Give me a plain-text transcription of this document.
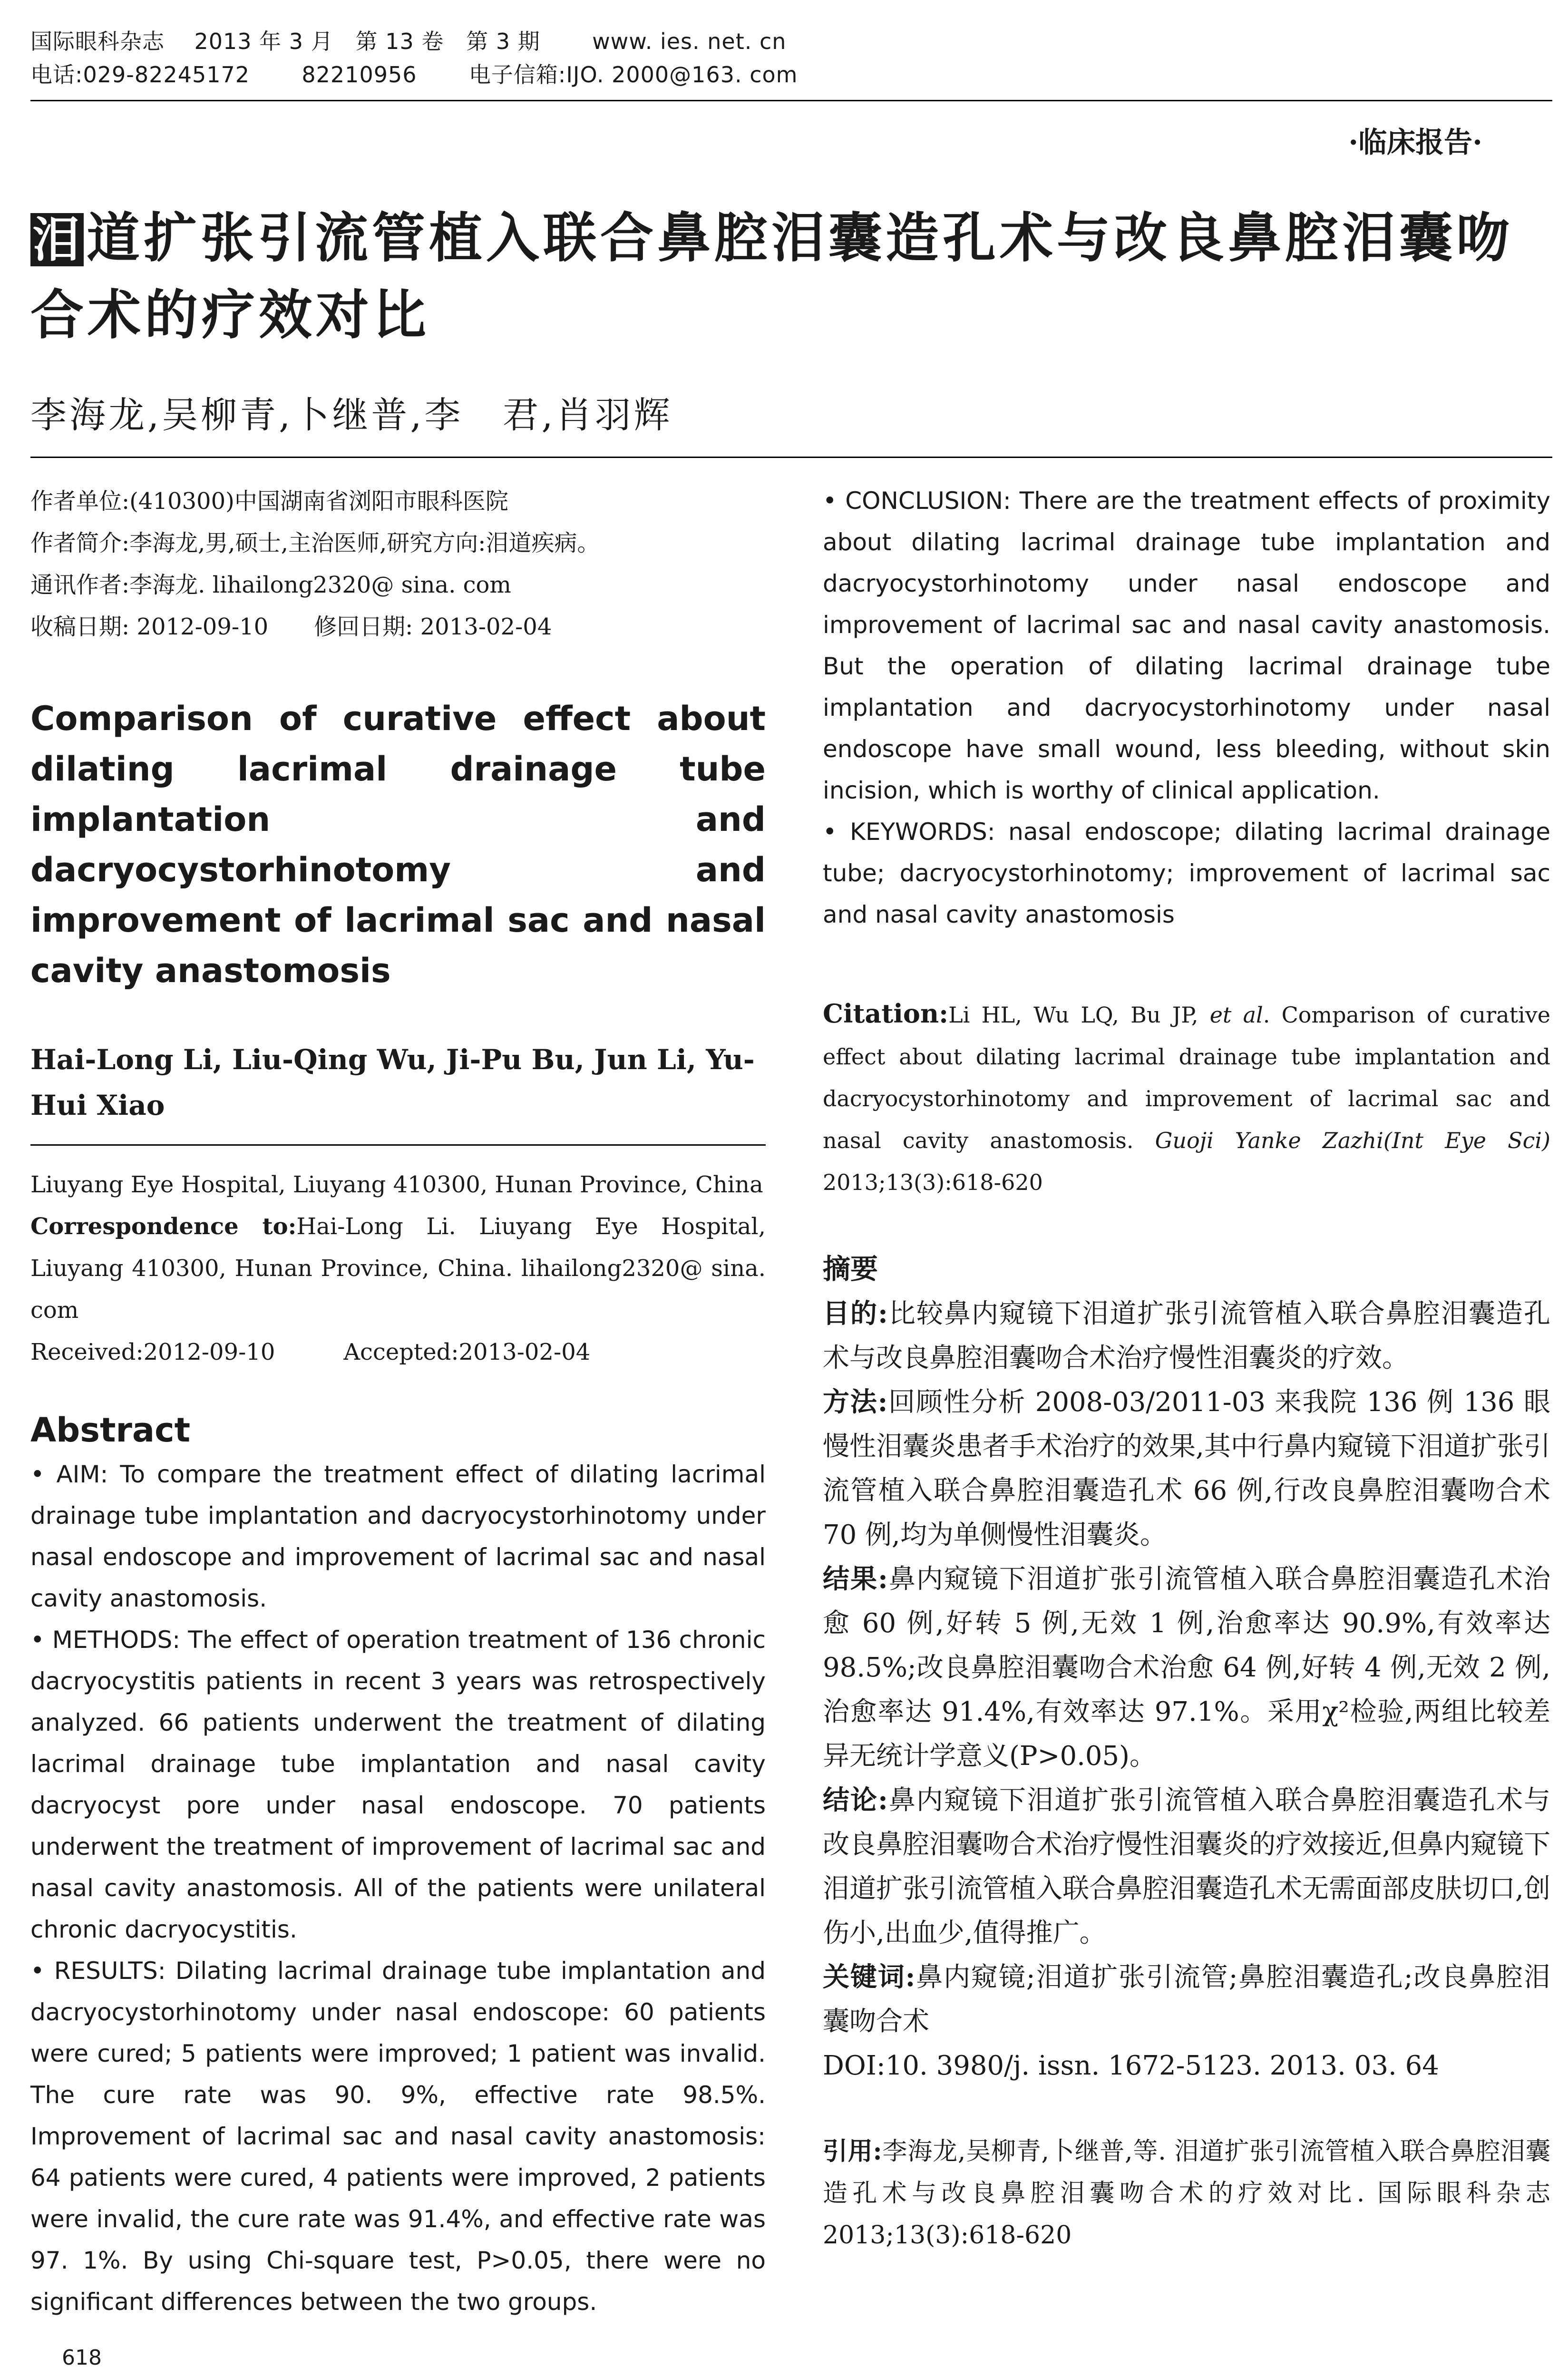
国际眼科杂志    2013 年 3 月   第 13 卷   第 3 期       www. ies. net. cn
电话:029-82245172       82210956       电子信箱:IJO. 2000@163. com
·临床报告·
泪 道扩张引流管植入联合鼻腔泪囊造孔术与改良鼻腔泪囊吻合术的疗效对比
李海龙,吴柳青,卜继普,李　君,肖羽辉

作者单位:(410300)中国湖南省浏阳市眼科医院

作者简介:李海龙,男,硕士,主治医师,研究方向:泪道疾病。

通讯作者:李海龙. lihailong2320@ sina. com

收稿日期: 2012-09-10　　修回日期: 2013-02-04

Comparison of curative effect about dilating lacrimal drainage tube implantation and dacryocystorhinotomy and improvement of lacrimal sac and nasal cavity anastomosis

Hai-Long Li, Liu-Qing Wu, Ji-Pu Bu, Jun Li, Yu-Hui Xiao

Liuyang Eye Hospital, Liuyang 410300, Hunan Province, China

Correspondence to:Hai-Long Li. Liuyang Eye Hospital, Liuyang 410300, Hunan Province, China. lihailong2320@ sina. com

Received:2012-09-10　　　Accepted:2013-02-04

Abstract

• AIM: To compare the treatment effect of dilating lacrimal drainage tube implantation and dacryocystorhinotomy under nasal endoscope and improvement of lacrimal sac and nasal cavity anastomosis.

• METHODS: The effect of operation treatment of 136 chronic dacryocystitis patients in recent 3 years was retrospectively analyzed. 66 patients underwent the treatment of dilating lacrimal drainage tube implantation and nasal cavity dacryocyst pore under nasal endoscope. 70 patients underwent the treatment of improvement of lacrimal sac and nasal cavity anastomosis. All of the patients were unilateral chronic dacryocystitis.

• RESULTS: Dilating lacrimal drainage tube implantation and dacryocystorhinotomy under nasal endoscope: 60 patients were cured; 5 patients were improved; 1 patient was invalid. The cure rate was 90. 9%, effective rate 98.5%. Improvement of lacrimal sac and nasal cavity anastomosis: 64 patients were cured, 4 patients were improved, 2 patients were invalid, the cure rate was 91.4%, and effective rate was 97. 1%. By using Chi-square test, P>0.05, there were no significant differences between the two groups.

• CONCLUSION: There are the treatment effects of proximity about dilating lacrimal drainage tube implantation and dacryocystorhinotomy under nasal endoscope and improvement of lacrimal sac and nasal cavity anastomosis. But the operation of dilating lacrimal drainage tube implantation and dacryocystorhinotomy under nasal endoscope have small wound, less bleeding, without skin incision, which is worthy of clinical application.

• KEYWORDS: nasal endoscope; dilating lacrimal drainage tube; dacryocystorhinotomy; improvement of lacrimal sac and nasal cavity anastomosis

Citation:Li HL, Wu LQ, Bu JP, et al. Comparison of curative effect about dilating lacrimal drainage tube implantation and dacryocystorhinotomy and improvement of lacrimal sac and nasal cavity anastomosis. Guoji Yanke Zazhi(Int Eye Sci) 2013;13(3):618-620

摘要

目的:比较鼻内窥镜下泪道扩张引流管植入联合鼻腔泪囊造孔术与改良鼻腔泪囊吻合术治疗慢性泪囊炎的疗效。

方法:回顾性分析 2008-03/2011-03 来我院 136 例 136 眼慢性泪囊炎患者手术治疗的效果,其中行鼻内窥镜下泪道扩张引流管植入联合鼻腔泪囊造孔术 66 例,行改良鼻腔泪囊吻合术 70 例,均为单侧慢性泪囊炎。

结果:鼻内窥镜下泪道扩张引流管植入联合鼻腔泪囊造孔术治愈 60 例,好转 5 例,无效 1 例,治愈率达 90.9%,有效率达 98.5%;改良鼻腔泪囊吻合术治愈 64 例,好转 4 例,无效 2 例,治愈率达 91.4%,有效率达 97.1%。采用χ²检验,两组比较差异无统计学意义(P>0.05)。

结论:鼻内窥镜下泪道扩张引流管植入联合鼻腔泪囊造孔术与改良鼻腔泪囊吻合术治疗慢性泪囊炎的疗效接近,但鼻内窥镜下泪道扩张引流管植入联合鼻腔泪囊造孔术无需面部皮肤切口,创伤小,出血少,值得推广。

关键词:鼻内窥镜;泪道扩张引流管;鼻腔泪囊造孔;改良鼻腔泪囊吻合术

DOI:10. 3980/j. issn. 1672-5123. 2013. 03. 64

引用:李海龙,吴柳青,卜继普,等. 泪道扩张引流管植入联合鼻腔泪囊造孔术与改良鼻腔泪囊吻合术的疗效对比. 国际眼科杂志 2013;13(3):618-620

618
